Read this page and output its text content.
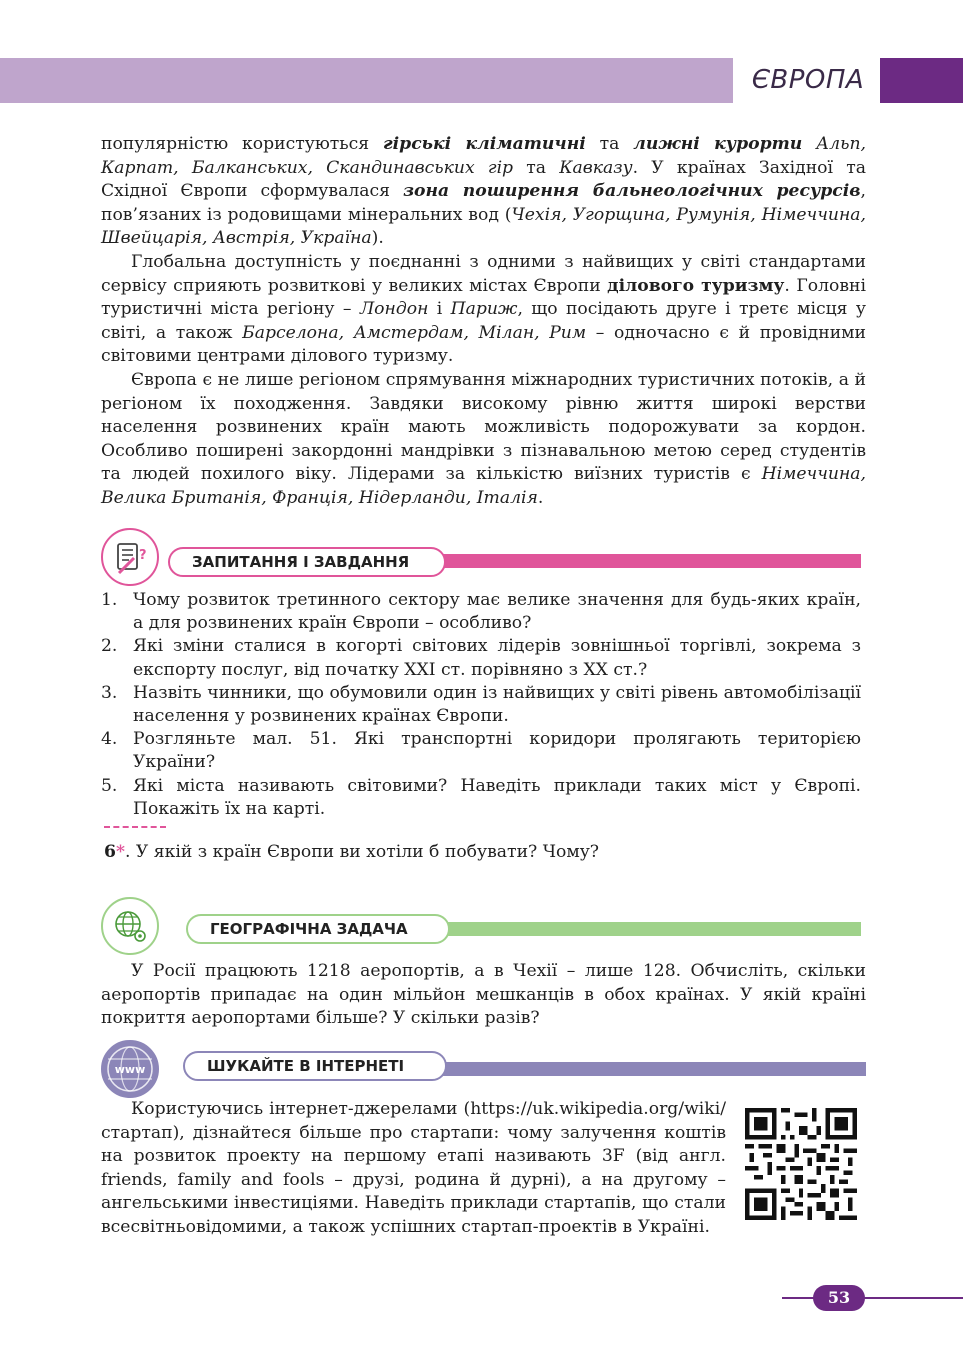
ЄВРОПА

популярністю користуються гірські кліматичні та лижні курорти Альп, Карпат, Балканських, Скандинавських гір та Кавказу. У країнах Західної та Східної Європи сформувалася зона поширення бальнеологічних ресурсів, пов’язаних із родовищами мінеральних вод (Чехія, Угорщина, Румунія, Німеччина, Швейцарія, Австрія, Україна).

Глобальна доступність у поєднанні з одними з найвищих у світі стандартами сервісу сприяють розвиткові у великих містах Європи ділового туризму. Головні туристичні міста регіону – Лондон і Париж, що посідають друге і третє місця у світі, а також Барселона, Амстердам, Мілан, Рим – одночасно є й провідними світовими центрами ділового туризму.

Європа є не лише регіоном спрямування міжнародних туристичних потоків, а й регіоном їх походження. Завдяки високому рівню життя широкі верстви населення розвинених країн мають можливість подорожувати за кордон. Особливо поширені закордонні мандрівки з пізнавальною метою серед студентів та людей похилого віку. Лідерами за кількістю виїзних туристів є Німеччина, Велика Британія, Франція, Нідерланди, Італія.

ЗАПИТАННЯ І ЗАВДАННЯ
?
1. Чому розвиток третинного сектору має велике значення для будь-яких країн, а для розвинених країн Європи – особливо?
2. Які зміни сталися в когорті світових лідерів зовнішньої торгівлі, зокрема з експорту послуг, від початку XXI ст. порівняно з XX ст.?
3. Назвіть чинники, що обумовили один із найвищих у світі рівень автомобілізації населення у розвинених країнах Європи.
4. Розгляньте мал. 51. Які транспортні коридори пролягають територією України?
5. Які міста називають світовими? Наведіть приклади таких міст у Європі. Покажіть їх на карті.
6*. У якій з країн Європи ви хотіли б побувати? Чому?
ГЕОГРАФІЧНА ЗАДАЧА

У Росії працюють 1218 аеропортів, а в Чехії – лише 128. Обчисліть, скільки аеропортів припадає на один мільйон мешканців в обох країнах. У якій країні покриття аеропортами більше? У скільки разів?

ШУКАЙТЕ В ІНТЕРНЕТІ
www

Користуючись інтернет-джерелами (https://uk.wikipedia.org/wiki/стартап), дізнайтеся більше про стартапи: чому залучення коштів на розвиток проекту на першому етапі називають 3F (від англ. friends, family and fools – друзі, родина й дурні), а на другому – ангельськими інвестиціями. Наведіть приклади стартапів, що стали всесвітньовідомими, а також успішних стартап-проектів в Україні.

53
